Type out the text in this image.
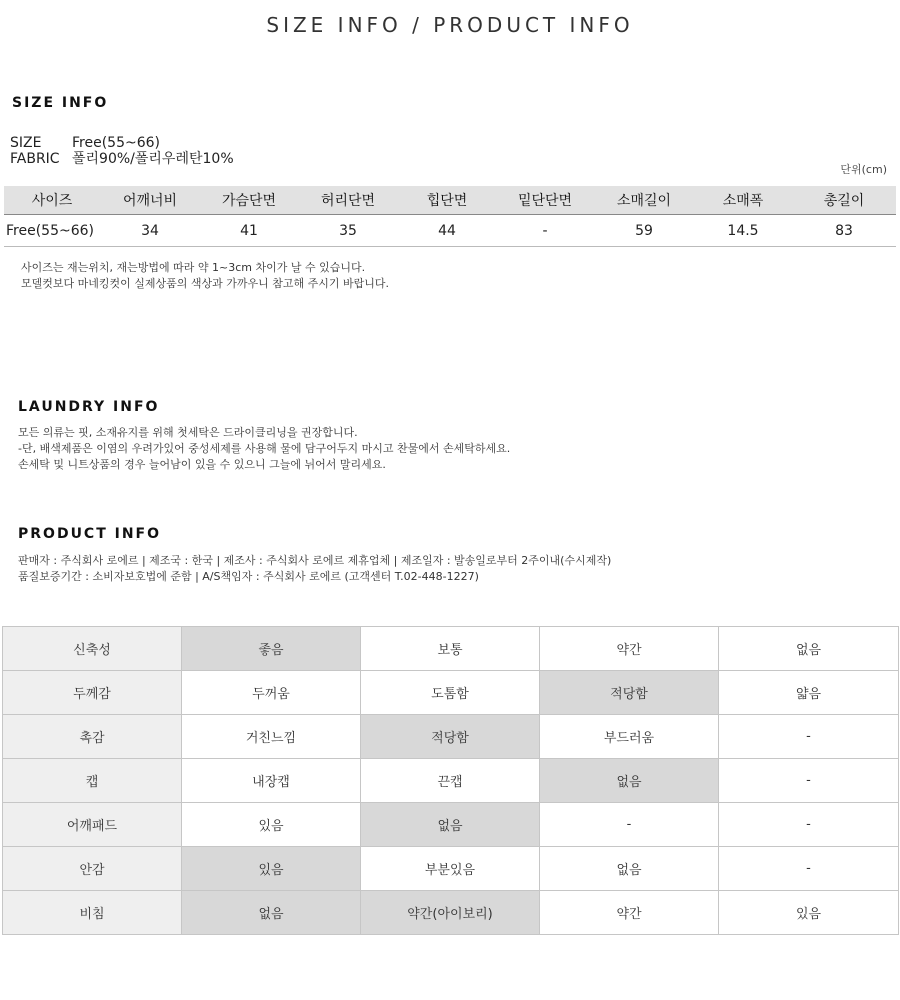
SIZE INFO / PRODUCT INFO
SIZE INFO
SIZE	Free(55~66)
FABRIC 폴리90%/폴리우레탄10%
단위(cm)
사이즈	어깨너비	가슴단면	허리단면	힙단면	밑단단면	소매길이	소매폭	총길이
Free(55~66)	34	41	35	44	-	59	14.5	83
사이즈는 재는위치, 재는방법에 따라 약 1~3cm 차이가 날 수 있습니다.
모델컷보다 마네킹컷이 실제상품의 색상과 가까우니 참고해 주시기 바랍니다.
LAUNDRY INFO
모든 의류는 핏, 소재유지를 위해 첫세탁은 드라이클리닝을 권장합니다.
-단, 배색제품은 이염의 우려가있어 중성세제를 사용해 물에 담구어두지 마시고 찬물에서 손세탁하세요.
손세탁 및 니트상품의 경우 늘어남이 있을 수 있으니 그늘에 뉘어서 말리세요.
PRODUCT INFO
판매자 : 주식회사 로에르 | 제조국 : 한국 | 제조사 : 주식회사 로에르 제휴업체 | 제조일자 : 발송일로부터 2주이내(수시제작)
품질보증기간 : 소비자보호법에 준함 | A/S책임자 : 주식회사 로에르 (고객센터 T.02-448-1227)
신축성	좋음	보통	약간	없음
두께감	두꺼움	도톰함	적당함	얇음
촉감	거친느낌	적당함	부드러움	-
캡	내장캡	끈캡	없음	-
어깨패드	있음	없음	-	-
안감	있음	부분있음	없음	-
비침	없음	약간(아이보리)	약간	있음
